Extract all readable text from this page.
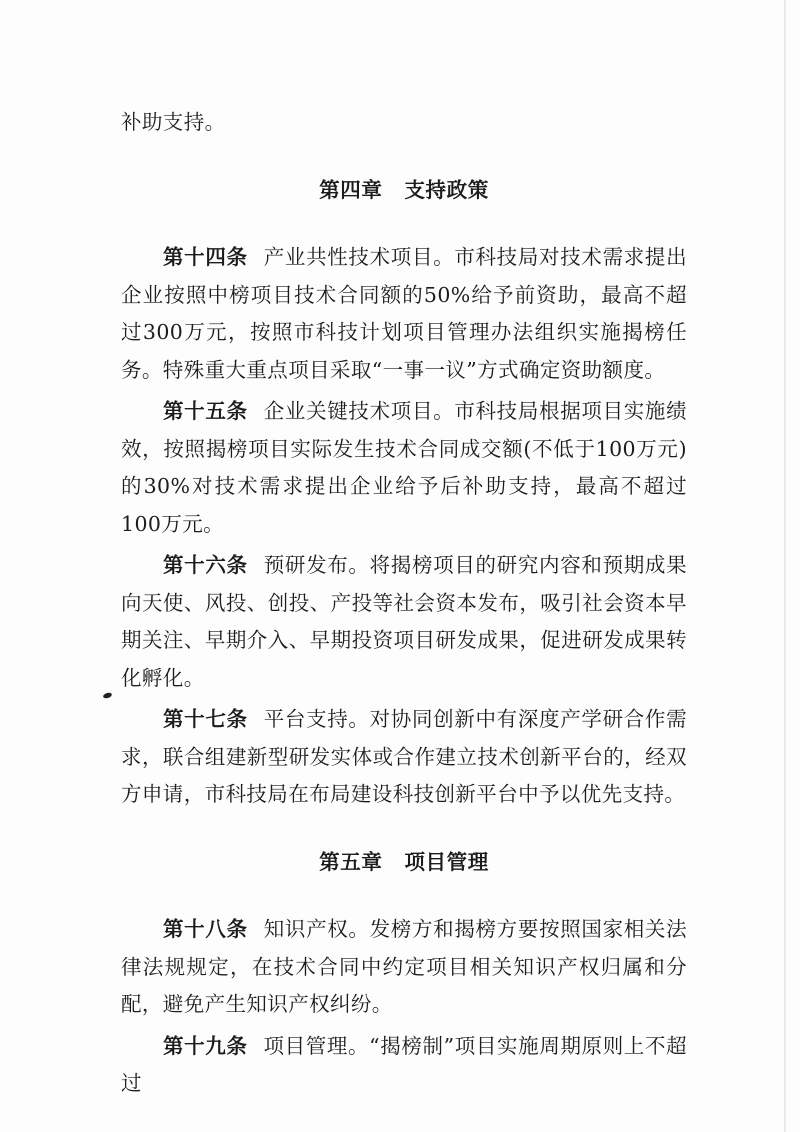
补助支持。

第四章 支持政策

第十四条 产业共性技术项目。市科技局对技术需求提出企业按照中榜项目技术合同额的50%给予前资助，最高不超过300万元，按照市科技计划项目管理办法组织实施揭榜任务。特殊重大重点项目采取“一事一议”方式确定资助额度。

第十五条 企业关键技术项目。市科技局根据项目实施绩效，按照揭榜项目实际发生技术合同成交额(不低于100万元)的30%对技术需求提出企业给予后补助支持，最高不超过100万元。

第十六条 预研发布。将揭榜项目的研究内容和预期成果向天使、风投、创投、产投等社会资本发布，吸引社会资本早期关注、早期介入、早期投资项目研发成果，促进研发成果转化孵化。

第十七条 平台支持。对协同创新中有深度产学研合作需求，联合组建新型研发实体或合作建立技术创新平台的，经双方申请，市科技局在布局建设科技创新平台中予以优先支持。

第五章 项目管理

第十八条 知识产权。发榜方和揭榜方要按照国家相关法律法规规定，在技术合同中约定项目相关知识产权归属和分配，避免产生知识产权纠纷。

第十九条 项目管理。“揭榜制”项目实施周期原则上不超过
